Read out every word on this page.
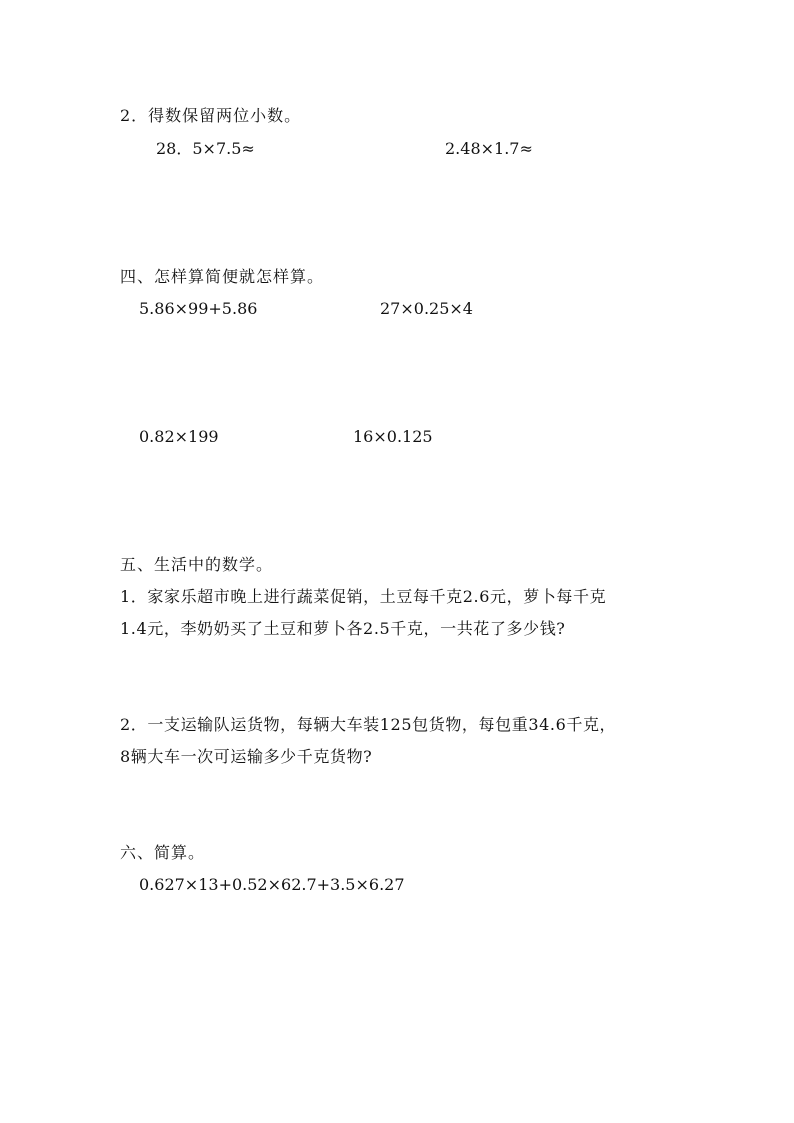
2．得数保留两位小数。
28．5×7.5≈	2.48×1.7≈
四、怎样算简便就怎样算。
5.86×99+5.86	27×0.25×4
0.82×199	16×0.125
五、生活中的数学。
1．家家乐超市晚上进行蔬菜促销，土豆每千克2.6元，萝卜每千克
1.4元，李奶奶买了土豆和萝卜各2.5千克，一共花了多少钱?
2．一支运输队运货物，每辆大车装125包货物，每包重34.6千克，
8辆大车一次可运输多少千克货物?
六、简算。
0.627×13+0.52×62.7+3.5×6.27
